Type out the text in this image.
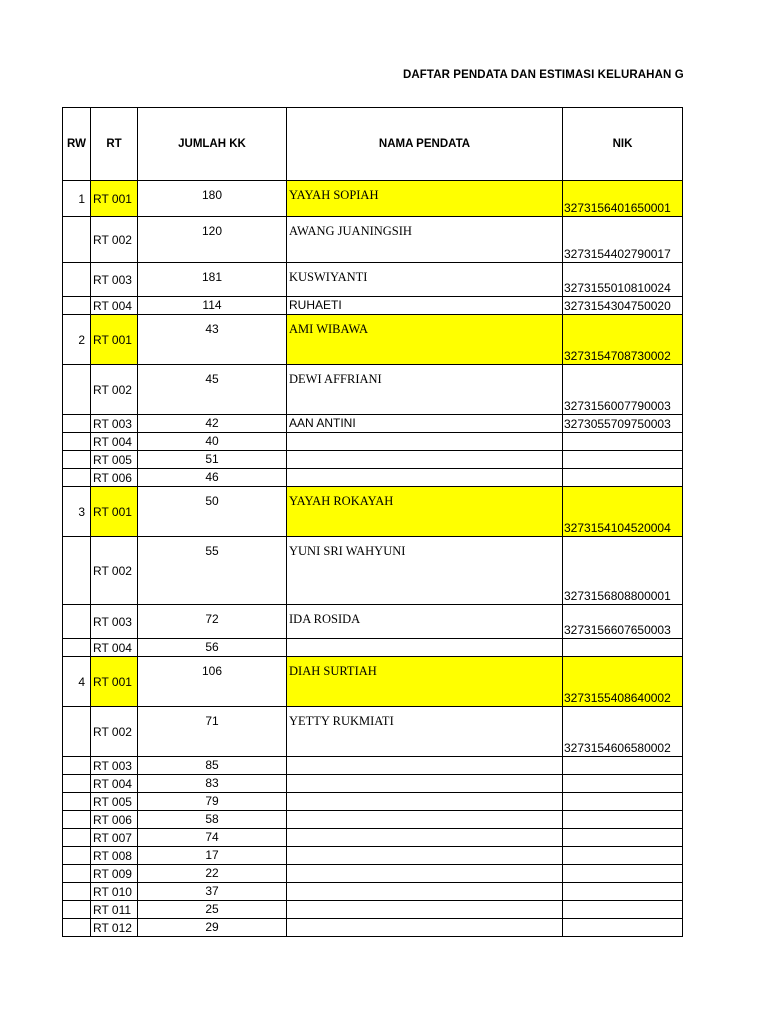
DAFTAR PENDATA DAN ESTIMASI KELURAHAN G
RW	RT	JUMLAH KK	NAMA PENDATA	NIK
1	RT 001	180	YAYAH SOPIAH	3273156401650001
	RT 002	120	AWANG JUANINGSIH	3273154402790017
	RT 003	181	KUSWIYANTI	3273155010810024
	RT 004	114	RUHAETI	3273154304750020
2	RT 001	43	AMI WIBAWA	3273154708730002
	RT 002	45	DEWI AFFRIANI	3273156007790003
	RT 003	42	AAN ANTINI	3273055709750003
	RT 004	40		
	RT 005	51		
	RT 006	46		
3	RT 001	50	YAYAH ROKAYAH	3273154104520004
	RT 002	55	YUNI SRI WAHYUNI	3273156808800001
	RT 003	72	IDA ROSIDA	3273156607650003
	RT 004	56		
4	RT 001	106	DIAH SURTIAH	3273155408640002
	RT 002	71	YETTY RUKMIATI	3273154606580002
	RT 003	85		
	RT 004	83		
	RT 005	79		
	RT 006	58		
	RT 007	74		
	RT 008	17		
	RT 009	22		
	RT 010	37		
	RT 011	25		
	RT 012	29		
